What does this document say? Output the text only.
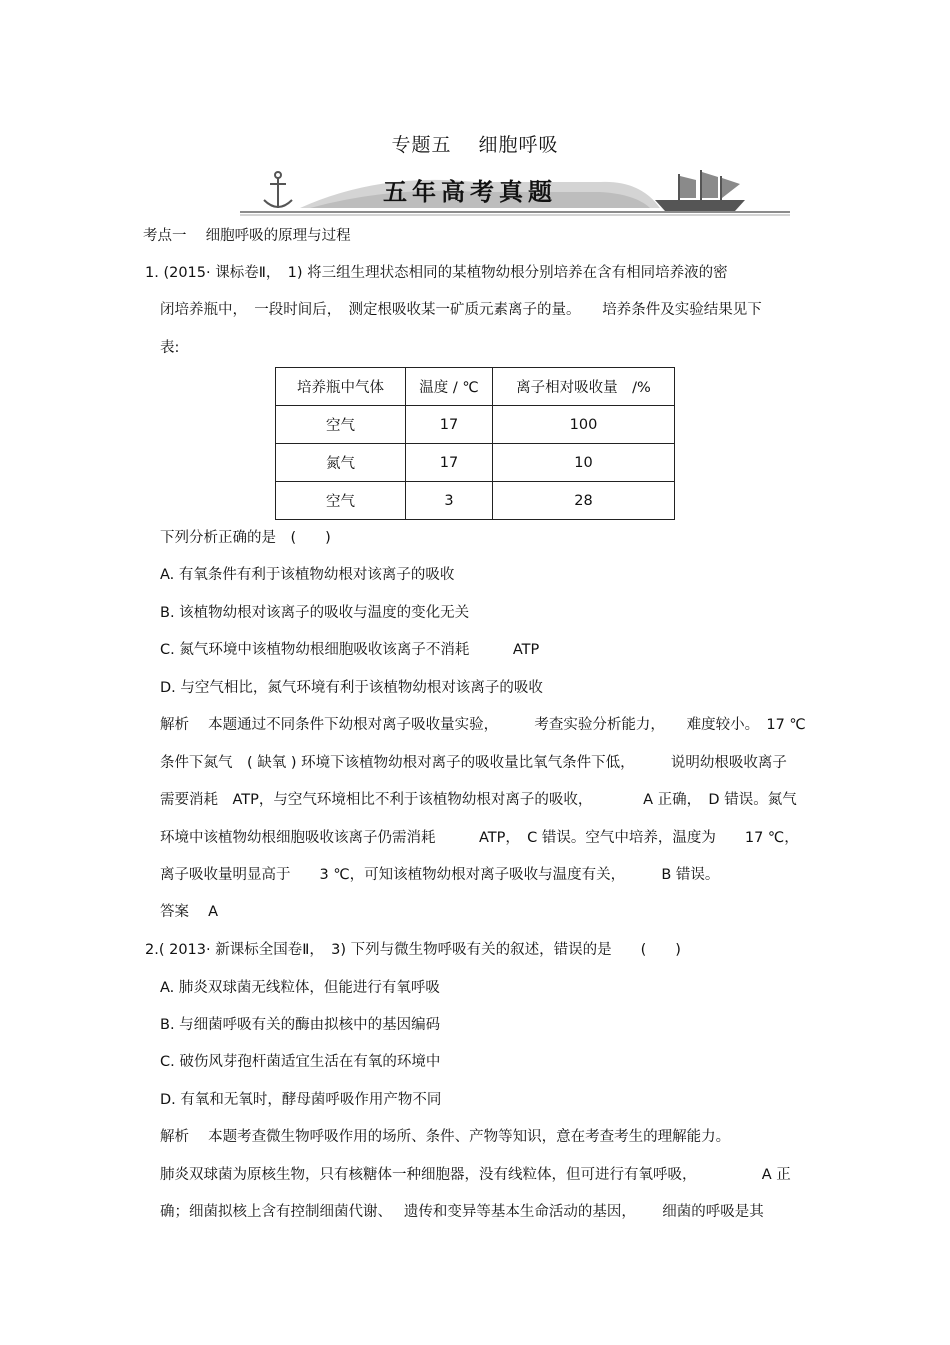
专题五　 细胞呼吸
五年高考真题
考点一　 细胞呼吸的原理与过程
1. (2015· 课标卷Ⅱ，　1) 将三组生理状态相同的某植物幼根分别培养在含有相同培养液的密
闭培养瓶中，　一段时间后，　测定根吸收某一矿质元素离子的量。　　培养条件及实验结果见下
表:
培养瓶中气体	温度 / ℃	离子相对吸收量　/%
空气	17	100
氮气	17	10
空气	3	28
下列分析正确的是　(　　)
A. 有氧条件有利于该植物幼根对该离子的吸收
B. 该植物幼根对该离子的吸收与温度的变化无关
C. 氮气环境中该植物幼根细胞吸收该离子不消耗　　　ATP
D. 与空气相比，氮气环境有利于该植物幼根对该离子的吸收
解析　 本题通过不同条件下幼根对离子吸收量实验，　　　考查实验分析能力，　　难度较小。　17 ℃
条件下氮气　( 缺氧 ) 环境下该植物幼根对离子的吸收量比氧气条件下低，　　　说明幼根吸收离子
需要消耗　ATP，与空气环境相比不利于该植物幼根对离子的吸收，　　　　A 正确，　D 错误。氮气
环境中该植物幼根细胞吸收该离子仍需消耗　　　ATP，　C 错误。空气中培养，温度为　　17 ℃，
离子吸收量明显高于　　3 ℃，可知该植物幼根对离子吸收与温度有关，　　　B 错误。
答案　 A
2.( 2013· 新课标全国卷Ⅱ，　3) 下列与微生物呼吸有关的叙述，错误的是　　(　　)
A. 肺炎双球菌无线粒体，但能进行有氧呼吸
B. 与细菌呼吸有关的酶由拟核中的基因编码
C. 破伤风芽孢杆菌适宜生活在有氧的环境中
D. 有氧和无氧时，酵母菌呼吸作用产物不同
解析　 本题考查微生物呼吸作用的场所、条件、产物等知识，意在考查考生的理解能力。
肺炎双球菌为原核生物，只有核糖体一种细胞器，没有线粒体，但可进行有氧呼吸，　　　　　A 正
确；细菌拟核上含有控制细菌代谢、　 遗传和变异等基本生命活动的基因，　　 细菌的呼吸是其
